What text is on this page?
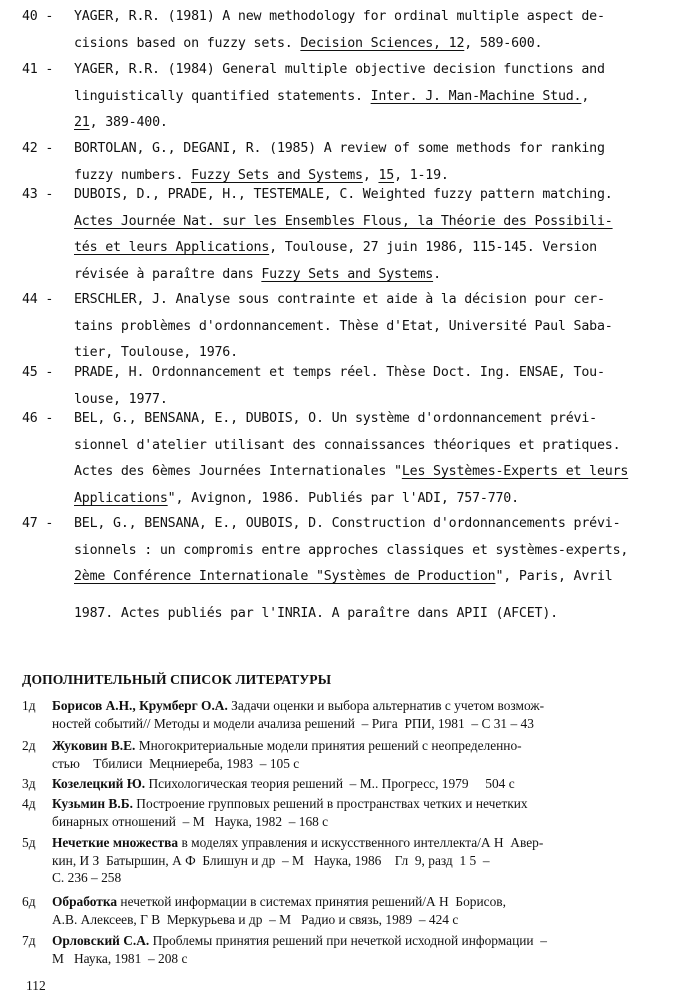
40 -	YAGER, R.R. (1981) A new methodology for ordinal multiple aspect de-
cisions based on fuzzy sets. Decision Sciences, 12, 589-600.
41 -	YAGER, R.R. (1984) General multiple objective decision functions and
linguistically quantified statements. Inter. J. Man-Machine Stud.,
21, 389-400.
42 -	BORTOLAN, G., DEGANI, R. (1985) A review of some methods for ranking
fuzzy numbers. Fuzzy Sets and Systems, 15, 1-19.
43 -	DUBOIS, D., PRADE, H., TESTEMALE, C. Weighted fuzzy pattern matching.
Actes Journée Nat. sur les Ensembles Flous, la Théorie des Possibili-
tés et leurs Applications, Toulouse, 27 juin 1986, 115-145. Version
révisée à paraître dans Fuzzy Sets and Systems.
44 -	ERSCHLER, J. Analyse sous contrainte et aide à la décision pour cer-
tains problèmes d'ordonnancement. Thèse d'Etat, Université Paul Saba-
tier, Toulouse, 1976.
45 -	PRADE, H. Ordonnancement et temps réel. Thèse Doct. Ing. ENSAE, Tou-
louse, 1977.
46 -	BEL, G., BENSANA, E., DUBOIS, O. Un système d'ordonnancement prévi-
sionnel d'atelier utilisant des connaissances théoriques et pratiques.
Actes des 6èmes Journées Internationales "Les Systèmes-Experts et leurs
Applications", Avignon, 1986. Publiés par l'ADI, 757-770.
47 -	BEL, G., BENSANA, E., OUBOIS, D. Construction d'ordonnancements prévi-
sionnels : un compromis entre approches classiques et systèmes-experts,
2ème Conférence Internationale "Systèmes de Production", Paris, Avril
1987. Actes publiés par l'INRIA. A paraître dans APII (AFCET).
ДОПОЛНИТЕЛЬНЫЙ СПИСОК ЛИТЕРАТУРЫ
1д	Борисов А.Н., Крумберг О.А. Задачи оценки и выбора альтернатив с учетом возмож-
ностей событий// Методы и модели ачализа решений  – Рига  РПИ, 1981  – С 31 – 43
2д	Жуковин В.Е. Многокритериальные модели принятия решений с неопределенно-
стью    Тбилиси  Мецниереба, 1983  – 105 с
3д	Козелецкий Ю. Психологическая теория решений  – М.. Прогресс, 1979     504 с
4д	Кузьмин В.Б. Построение групповых решений в пространствах четких и нечетких
бинарных отношений  – М   Наука, 1982  – 168 с
5д	Нечеткие множества в моделях управления и искусственного интеллекта/А Н  Авер-
кин, И З  Батыршин, А Ф  Блишун и др  – М   Наука, 1986    Гл  9, разд  1 5  –
С. 236 – 258
6д	Обработка нечеткой информации в системах принятия решений/А Н  Борисов,
А.В. Алексеев, Г В  Меркурьева и др  – М   Радио и связь, 1989  – 424 с
7д	Орловский С.А. Проблемы принятия решений при нечеткой исходной информации  –
М   Наука, 1981  – 208 с
112
